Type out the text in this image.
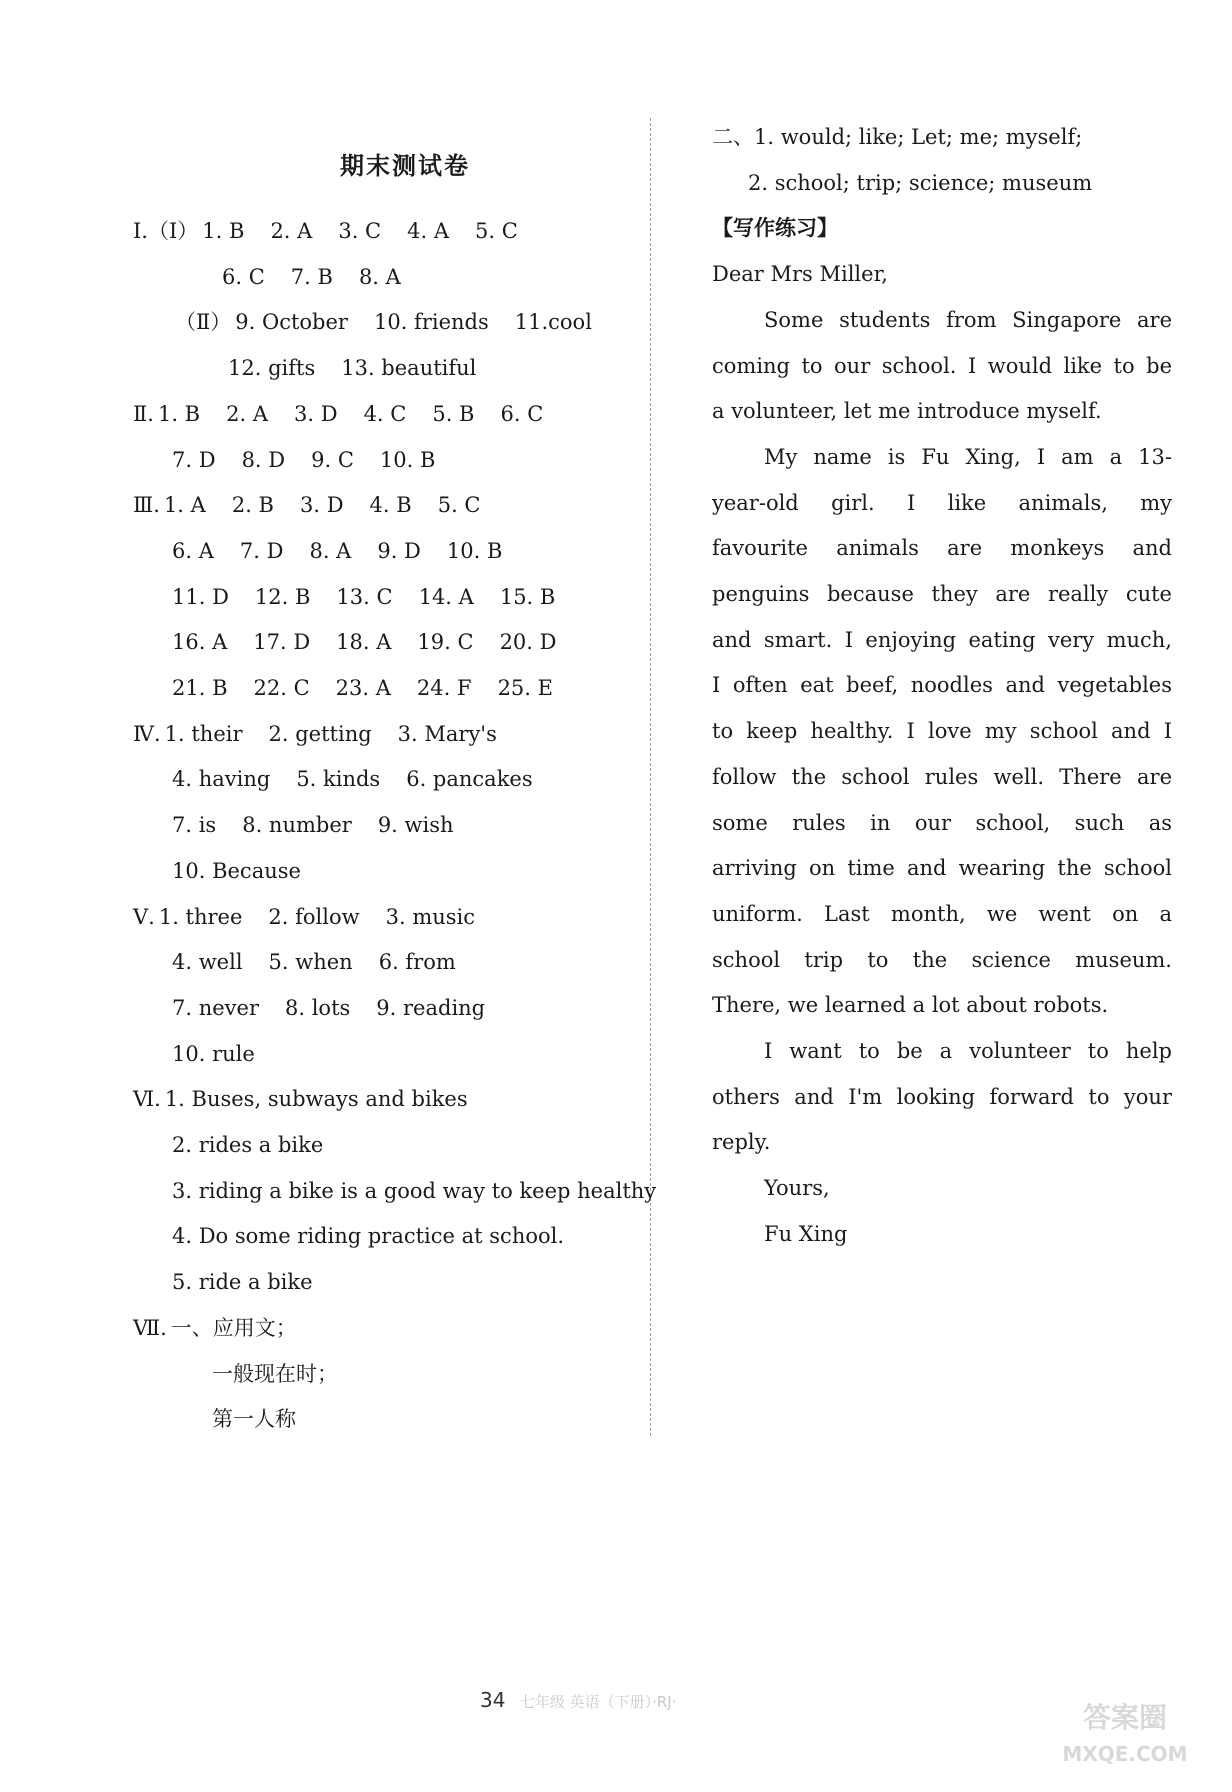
期末测试卷
Ⅰ.（Ⅰ） 1. B 2. A 3. C 4. A 5. C
6. C 7. B 8. A
（Ⅱ） 9. October 10. friends 11.cool
12. gifts 13. beautiful
Ⅱ. 1. B 2. A 3. D 4. C 5. B 6. C
7. D 8. D 9. C 10. B
Ⅲ. 1. A 2. B 3. D 4. B 5. C
6. A 7. D 8. A 9. D 10. B
11. D 12. B 13. C 14. A 15. B
16. A 17. D 18. A 19. C 20. D
21. B 22. C 23. A 24. F 25. E
Ⅳ. 1. their 2. getting 3. Mary's
4. having 5. kinds 6. pancakes
7. is 8. number 9. wish
10. Because
Ⅴ. 1. three 2. follow 3. music
4. well 5. when 6. from
7. never 8. lots 9. reading
10. rule
Ⅵ. 1. Buses, subways and bikes
2. rides a bike
3. riding a bike is a good way to keep healthy
4. Do some riding practice at school.
5. ride a bike
Ⅶ. 一、应用文；
一般现在时；
第一人称
二、1. would; like; Let; me; myself;
2. school; trip; science; museum
【写作练习】
Dear Mrs Miller,
Some students from Singapore are
coming to our school. I would like to be
a volunteer, let me introduce myself.
My name is Fu Xing, I am a 13-
year-old girl. I like animals, my
favourite animals are monkeys and
penguins because they are really cute
and smart. I enjoying eating very much,
I often eat beef, noodles and vegetables
to keep healthy. I love my school and I
follow the school rules well. There are
some rules in our school, such as
arriving on time and wearing the school
uniform. Last month, we went on a
school trip to the science museum.
There, we learned a lot about robots.
I want to be a volunteer to help
others and I'm looking forward to your
reply.
Yours,
Fu Xing
34 七年级 英语（下册）·RJ·	答案圈
MXQE.COM
